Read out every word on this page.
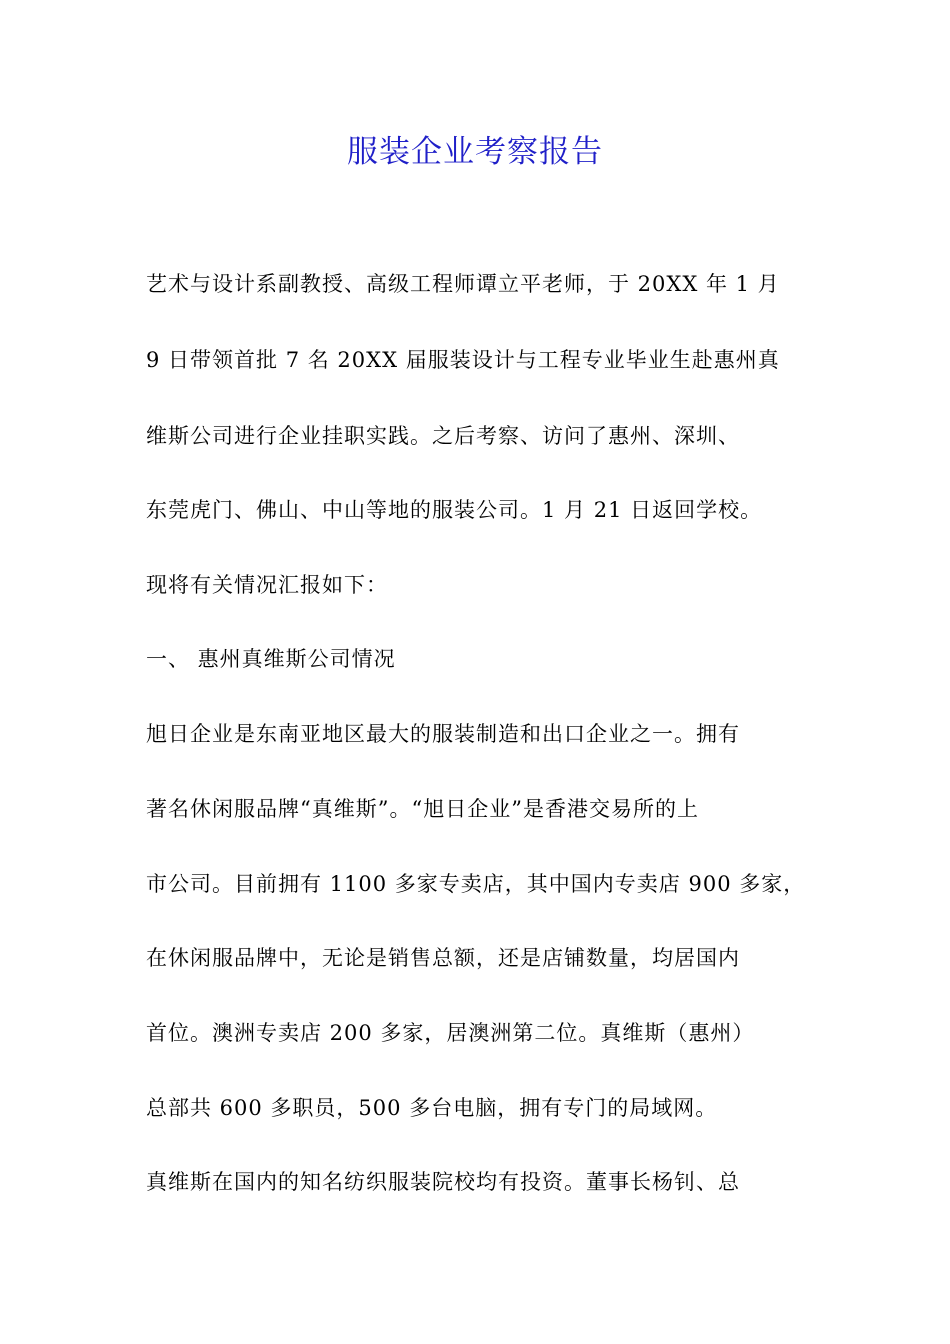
服装企业考察报告

艺术与设计系副教授、高级工程师谭立平老师，于 20XX 年 1 月

9 日带领首批 7 名 20XX 届服装设计与工程专业毕业生赴惠州真

维斯公司进行企业挂职实践。之后考察、访问了惠州、深圳、

东莞虎门、佛山、中山等地的服装公司。1 月 21 日返回学校。

现将有关情况汇报如下：

一、 惠州真维斯公司情况

旭日企业是东南亚地区最大的服装制造和出口企业之一。拥有

著名休闲服品牌“真维斯”。“旭日企业”是香港交易所的上

市公司。目前拥有 1100 多家专卖店，其中国内专卖店 900 多家，

在休闲服品牌中，无论是销售总额，还是店铺数量，均居国内

首位。澳洲专卖店 200 多家，居澳洲第二位。真维斯（惠州）

总部共 600 多职员，500 多台电脑，拥有专门的局域网。

真维斯在国内的知名纺织服装院校均有投资。董事长杨钊、总
